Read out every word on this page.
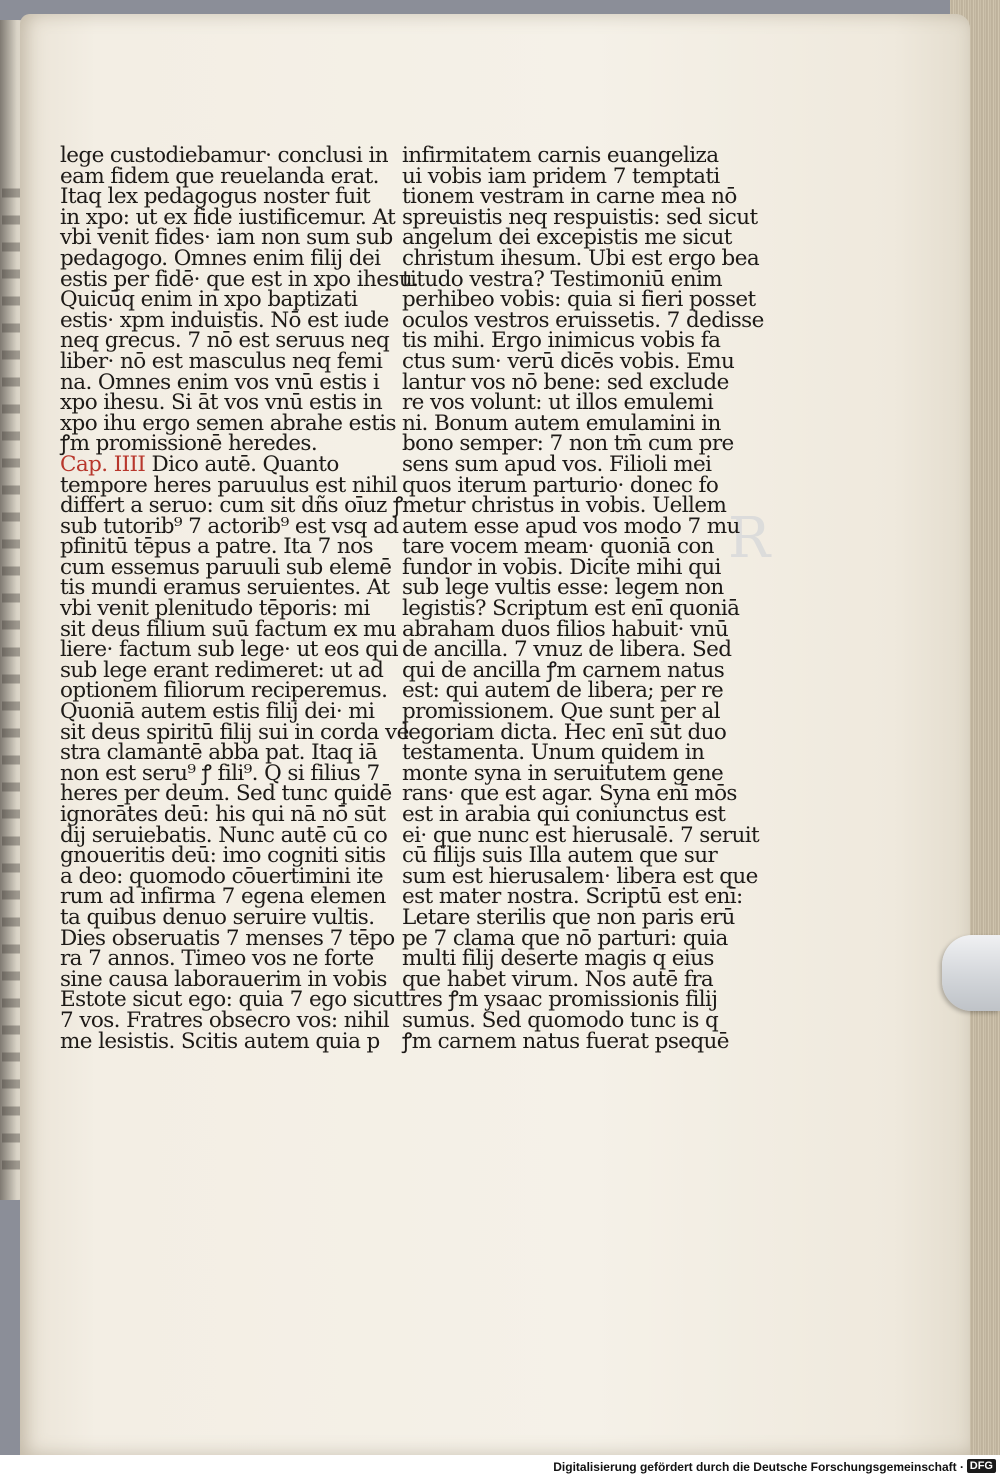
R
lege custodiebamur· conclusi in
eam fidem que reuelanda erat.
Itaq lex pedagogus noster fuit
in xpo: ut ex fide iustificemur. At
vbi venit fides· iam non sum sub
pedagogo. Omnes enim filij dei
estis per fidē· que est in xpo ihesu.
Quicūq enim in xpo baptizati
estis· xpm induistis. Nō est iude
neq grecus. 7 nō est seruus neq
liber· nō est masculus neq femi
na. Omnes enim vos vnū estis i
xpo ihesu. Si āt vos vnū estis in
xpo ihu ergo semen abrahe estis
ꝭm promissionē heredes.
Cap. IIII Dico autē. Quanto
tempore heres paruulus est nihil
differt a seruo: cum sit dñs oīuz ꝭ
sub tutorib⁹ 7 actorib⁹ est vsq ad
pfinitū tēpus a patre. Ita 7 nos
cum essemus paruuli sub elemē
tis mundi eramus seruientes. At
vbi venit plenitudo tēporis: mi
sit deus filium suū factum ex mu
liere· factum sub lege· ut eos qui
sub lege erant redimeret: ut ad
optionem filiorum reciperemus.
Quoniā autem estis filij dei· mi
sit deus spiritū filij sui in corda ve
stra clamantē abba pat. Itaq iā
non est seru⁹ ꝭ fili⁹. Q si filius 7
heres per deum. Sed tunc quidē
ignorātes deū: his qui nā nō sūt
dij seruiebatis. Nunc autē cū co
gnoueritis deū: imo cogniti sitis
a deo: quomodo cōuertimini ite
rum ad infirma 7 egena elemen
ta quibus denuo seruire vultis.
Dies obseruatis 7 menses 7 tēpo
ra 7 annos. Timeo vos ne forte
sine causa laborauerim in vobis
Estote sicut ego: quia 7 ego sicut
7 vos. Fratres obsecro vos: nihil
me lesistis. Scitis autem quia p
infirmitatem carnis euangeliza
ui vobis iam pridem 7 temptati
tionem vestram in carne mea nō
spreuistis neq respuistis: sed sicut
angelum dei excepistis me sicut
christum ihesum. Ubi est ergo bea
titudo vestra? Testimoniū enim
perhibeo vobis: quia si fieri posset
oculos vestros eruissetis. 7 dedisse
tis mihi. Ergo inimicus vobis fa
ctus sum· verū dicēs vobis. Emu
lantur vos nō bene: sed exclude
re vos volunt: ut illos emulemi
ni. Bonum autem emulamini in
bono semper: 7 non tm̄ cum pre
sens sum apud vos. Filioli mei
quos iterum parturio· donec fo
metur christus in vobis. Uellem
autem esse apud vos modo 7 mu
tare vocem meam· quoniā con
fundor in vobis. Dicite mihi qui
sub lege vultis esse: legem non
legistis? Scriptum est enī quoniā
abraham duos filios habuit· vnū
de ancilla. 7 vnuz de libera. Sed
qui de ancilla ꝭm carnem natus
est: qui autem de libera; per re
promissionem. Que sunt per al
legoriam dicta. Hec enī sūt duo
testamenta. Unum quidem in
monte syna in seruitutem gene
rans· que est agar. Syna enī mōs
est in arabia qui coniunctus est
ei· que nunc est hierusalē. 7 seruit
cū filijs suis Illa autem que sur
sum est hierusalem· libera est que
est mater nostra. Scriptū est enī:
Letare sterilis que non paris erū
pe 7 clama que nō parturi: quia
multi filij deserte magis q eius
que habet virum. Nos autē fra
tres ꝭm ysaac promissionis filij
sumus. Sed quomodo tunc is q
ꝭm carnem natus fuerat psequē
Digitalisierung gefördert durch die Deutsche Forschungsgemeinschaft · DFG
